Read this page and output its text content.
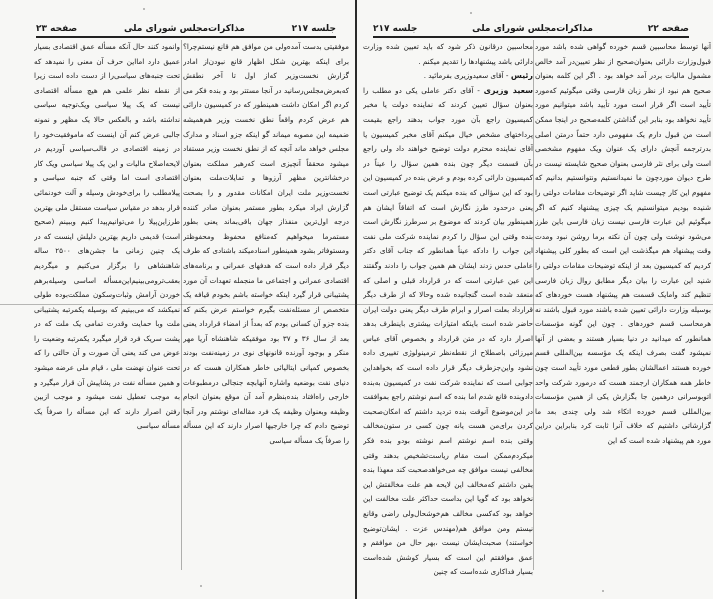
صفحه ۲۳	مذاکرات‌مجلس شورای ملی	جلسه ۲۱۷

موفقیتی بدست آمده‌ولی من موافق هم قانع نیستم‌چرا؟ برای اینکه بهترین شکل اظهار قانع نبودن‌از امادر گزارش نخست‌وزیر که‌از اول تا آخر نطقش که‌بعرض‌مجلس‌رسانید در آنجا مستتر بود و بنده فکر می کردم اگر امکان داشت همینطور که در کمیسیون دارائی هم عرض کردم واقعاً نطق نخست وزیر هم‌همیشه ضمیمه این مصوبه میماند گو اینکه جزو اسناد و مدارک مجلس خواهد ماند آنچه که از نطق نخست وزیر مستفاد میشود محققاً آنچیزی است که‌رهبر مملکت بعنوان درخشانترین مظهر آرزوها و تمایلات‌ملت بعنوان نخست‌وزیر ملت ایران امکانات مقدور و را بصحت گزارش ایراد میکرد بطور مستمر بعنوان صادر کننده درجه اول‌ترین منفذ‌از جهان باقی‌بماند یعنی بطور مستمر‌ما میخواهیم که‌منافع محفوظ ومحفوظتر ومستوفاتر بشود همینطور اسناد‌میکند باشنادی که طرف دیگر قرار داده است که هدفهای عمرانی و برنامه‌های اقتصادی عمرانی و اجتماعی ما منجمله تعهدات آن مورد پشتیبانی قرار گیرد اینکه خواسته باشم بخودم قیافه یک متخصص از مسئله‌نفت بگیرم خواستم عرض بکنم که بنده جزو آن کسانی بودم که بعداً از امضاء قرارداد یعنی بعد از سال ۳۶ و ۳۷ بود موفقیکه شاهنشاه آریا مهر منکر و بوجود آورنده قانونهای نوی در زمینه‌نفت بودند بخصوص کمپانی ایتالیائی خاطر همکاران هست که در دنیای نفت بوضعیه واشاره آنهابچه جنجالی درمطبوعات خارجی راه‌افتاد بنده‌بنظرم آمد آن موقع بعنوان انجام وظیفه وبعنوان وظیفه یک فرد مقاله‌ای نوشتم ودر آنجا توضیح دادم که چرا خارجیها اصرار دارند که این مسأله را صرفاً یک مسأله سیاسی

وانمود کنند حال آنکه مسأله عمق اقتصادی بسیار عمیق دارد امااین حرف آن معنی را نمیدهد که تحت جنبه‌های سیاسی‌را از دست داده است زیرا از نقطه نظر علمی هم هیچ مسأله اقتصادی نیست که یک پیلا سیاسی ویک‌توجیه سیاسی نداشته باشد و بالعکس حالا یک مظهر و نمونه جالبی عرض کنم آن اینست که ماموفقیت‌خود را در زمینه اقتصادی در قالب‌سیاسی آوردیم در لایحه‌اصلاح مالیات و این یک پیلا سیاسی ویک کار اقتصادی است اما وقتی که جنبه سیاسی و پیلا‌مطلب را برای‌خودش وسیله و آلت خودنمائی قرار بدهد در مقیاس سیاست مستقل ملی بهترین طرزاین‌پیلا را می‌توانیم‌پیدا کنیم وببینم (صحیح است) قدیمی داریم بهترین دلیلش اینست که در یک چنین زمانی ما جشن‌های ۲۵۰۰ ساله شاهنشاهی را برگزار می‌کنیم و میگردیم بعقب‌ترومی‌بینیم‌این‌مسأله اساسی وسیله‌برهم خوردن آرامش وثبات‌وسکون مملکت‌بوده طولی نمیکشد که می‌بینیم که بوسیله یکمرتبه پشتیبانی ملت وبا حمایت وقدرت تمامی یک ملت که در پشت سریک فرد قرار میگیرد یکمرتبه وضعیت را عوض می کند یعنی آن صورت و آن حالتی را که تحت عنوان نهضت ملی ، قیام ملی عرضه میشود و همین مسأله نفت در پشاپیش آن قرار میگیرد و به موجب تعطیل نفت میشود و موجب ازبین رفتن اصرار دارند که این مسأله را صرفاً یک مسأله سیاسی

جلسه ۲۱۷	مذاکرات‌مجلس شورای ملی	صفحه ۲۲

آنها توسط محاسبین قسم خورده گواهی شده باشد مورد قبول‌وزارت دارائی بعنوان‌صحیح از نظر تعیین‌در آمد خالص مشمول مالیات بردر آمد خواهد بود . اگر این کلمه بعنوان صحیح هم نبود از نظر زبان فارسی وقتی میگوئیم که‌مورد تأیید است اگر قرار است مورد تأیید باشد میتوانیم مورد تأیید نخواهد بود بنابر این گذاشتن کلمه‌صحیح در اینجا ممکن است من قبول دارم یک مفهومی دارد حتماً درمتن اصلی بدرترجمه آنچش دارای یک عنوان ویک مفهوم مشخصی است ولی برای نثر فارسی بعنوان صحیح شایسته نیست در طرح دیوان موردچون ما نمیدانستیم ونتوانستیم بدانیم که مفهوم این کار چیست شاید اگر توضیحات مقامات دولتی را شنیده بودیم میتوانستیم یک چیزی پیشنهاد کنیم که اگر میگوئیم این عبارت فارسی نیست زبان فارسی باین طرز می‌شود نوشت ولی چون آن نکته برما روشن نبود ومدت وقت پیشنهاد هم میگذشت این است که بطور کلی پیشنهاد کردیم که کمیسیون بعد از اینکه توضیحات مقامات دولتی را شنید این عبارت را بیان دیگر مطابق روال زبان فارسی تنظیم کند وامایک قسمت هم پیشنهاد هست خوردهای که بوسیله وزارت دارائی تعیین شده باشند مورد قبول باشند نه هرمحاسب قسم خوردهای . چون این گونه مؤسسات همانطور که میدانید در دنیا بسیار هستند و بعضی از آنها نمیشود گفت بصرف اینکه یک مؤسسه بین‌المللی قسم خورده هستند اعمالشان بطور قطعی مورد تأیید است چون خاطر همه همکاران ارجمند هست که درمورد شرکت واحد اتوبوسرانی درهمین جا بگزارش یکی از همین مؤسسات بین‌المللی قسم خورده اتکاء شد ولی چندی بعد ما گزارشاتی داشتیم که خلاف آنرا ثابت کرد بنابراین دراین مورد هم پیشنهاد شده است که این

محاسبین درقانون ذکر شود که باید تعیین شده وزارت دارائی باشد پیشنهادها را تقدیم میکنم .

رئیس - آقای سعیدوزیری بفرمائید .

سعید وزیری - آقای دکتر عاملی یکی دو مطلب را بعنوان سؤال تعیین کردند که نماینده دولت یا مخبر کمیسیون راجع بآن مورد جواب بدهند راجع بقیمت پرداختهای مشخص خیال میکنم آقای مخبر کمیسیون یا آقای نماینده محترم دولت توضیح خواهند داد ولی راجع بآن قسمت دیگر چون بنده همین سؤال را عیناً در کمیسیون دارائی کرده بودم و عرض بنده در کمیسیون این بود که این سؤالی که بنده میکنم یک توضیح عبارتی است یعنی درحدود طرز نگارش است که اتفاقاً ایشان هم همینطور بیان کردند که موضوع بر سرطرز نگارش است بنده وقتی این سؤال را کردم نماینده شرکت ملی نفت این جواب را دادکه عیناً همانطور که جناب آقای دکتر عاملی حدس زدند ایشان هم همین جواب را دادند وگفتند این عین عبارتی است که در قرارداد قبلی و اصلی که منعقد شده است گنجانیده شده وحالا که از طرف دیگر قرارداد بعلت اصرار و ابرام طرف دیگر یعنی دولت ایران حاضر شده است باینکه امتیازات بیشتری باینطرف بدهد اصرار دارد که در متن قرارداد و بخصوص آقای عباس میرزائی باصطلاح از نقطه‌نظر ترمینولوژی تغییری داده نشود واین‌جزطرف دیگر قرار داده است که بخواهداین جوابی است که نماینده شرکت نفت در کمیسیون به‌بنده دادوبنده قانع شدم اما بنده که اسم نوشتم راجع بموافقت در این‌موضوع آنوقت بنده تردید داشتم که امکان‌صحبت کردن برای‌من هست یانه چون کسی در ستون‌مخالف وقتی بنده اسم نوشتم اسم نوشته بودو بنده فکر میکردم‌ممکن است مقام ریاست‌تشخیص بدهند وقتی مخالفی نیست موافق چه می‌خواهدصحبت کند معهذا بنده یقین داشتم که‌مخالف این لایحه هم علت مخالفتش این نخواهد بود که گویا این بداست حداکثر علت مخالفت این خواهد بود که‌کسی مخالف هم‌خوشحال‌ولی راضی وقانع نیستم ومن موافق هم(مهندس عزت . ایشان‌توضیح خواستند) صحبت‌ایشان نیست ،بهر حال من موافقم و عمق موافقتم این است که بسیار کوشش شده‌است بسیار فداکاری شده‌است که چنین
